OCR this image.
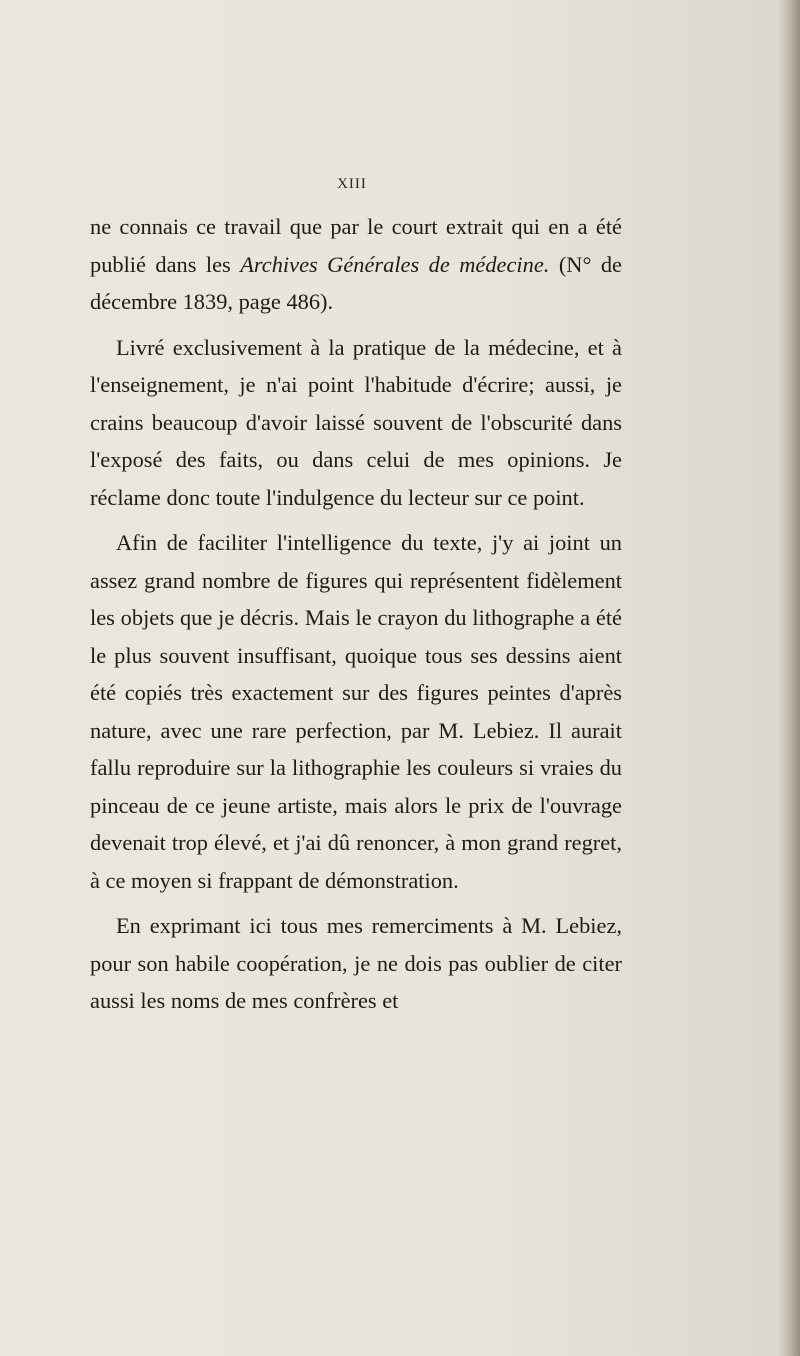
XIII

ne connais ce travail que par le court extrait qui en a été publié dans les Archives Générales de médecine. (N° de décembre 1839, page 486).

Livré exclusivement à la pratique de la médecine, et à l'enseignement, je n'ai point l'habitude d'écrire; aussi, je crains beaucoup d'avoir laissé souvent de l'obscurité dans l'exposé des faits, ou dans celui de mes opinions. Je réclame donc toute l'indulgence du lecteur sur ce point.

Afin de faciliter l'intelligence du texte, j'y ai joint un assez grand nombre de figures qui représentent fidèlement les objets que je décris. Mais le crayon du lithographe a été le plus souvent insuffisant, quoique tous ses dessins aient été copiés très exactement sur des figures peintes d'après nature, avec une rare perfection, par M. Lebiez. Il aurait fallu reproduire sur la lithographie les couleurs si vraies du pinceau de ce jeune artiste, mais alors le prix de l'ouvrage devenait trop élevé, et j'ai dû renoncer, à mon grand regret, à ce moyen si frappant de démonstration.

En exprimant ici tous mes remerciments à M. Lebiez, pour son habile coopération, je ne dois pas oublier de citer aussi les noms de mes confrères et
